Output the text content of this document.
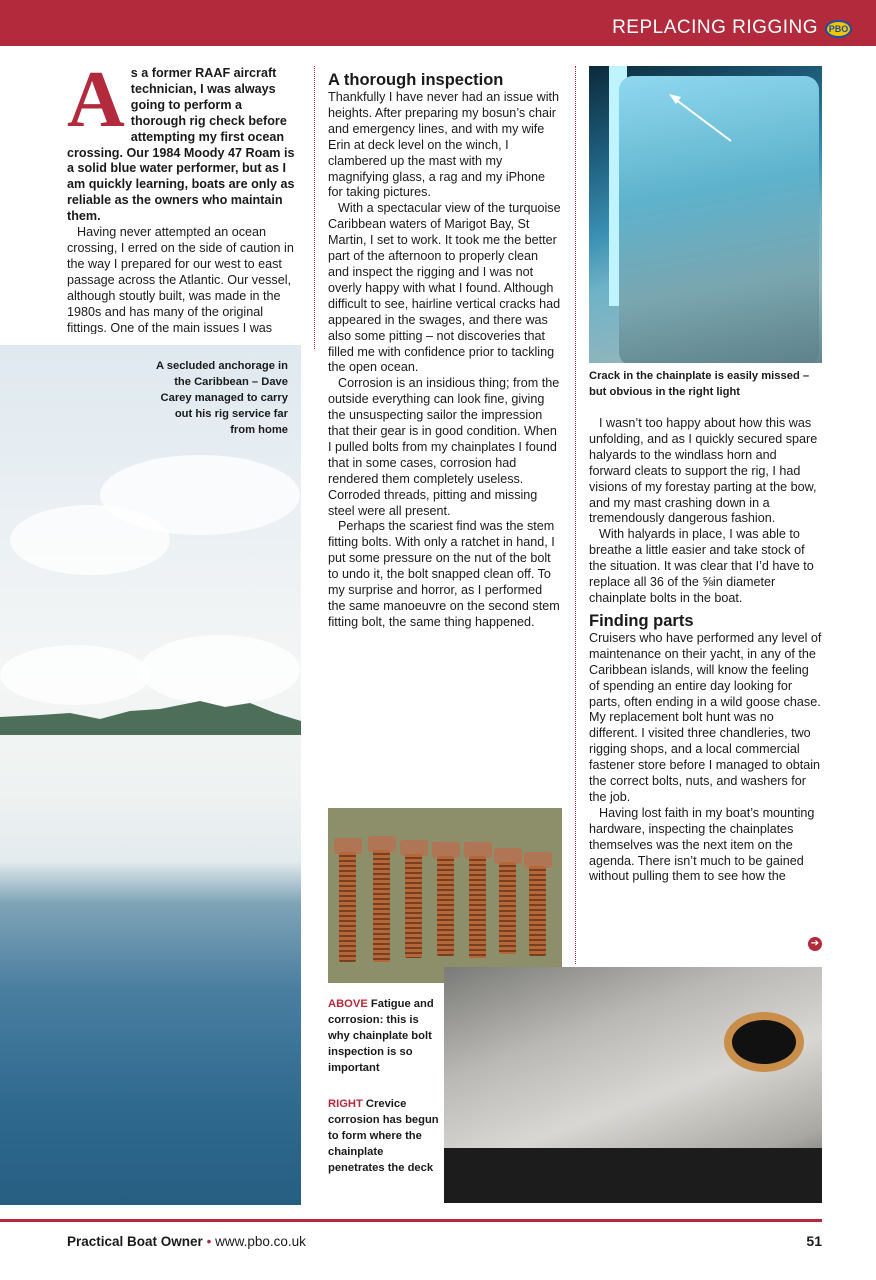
REPLACING RIGGING	PBO
A secluded anchorage in the Caribbean – Dave Carey managed to carry out his rig service far from home
As a former RAAF aircraft technician, I was always going to perform a thorough rig check before attempting my first ocean crossing. Our 1984 Moody 47 Roam is a solid blue water performer, but as I am quickly learning, boats are only as reliable as the owners who maintain them.

Having never attempted an ocean crossing, I erred on the side of caution in the way I prepared for our west to east passage across the Atlantic. Our vessel, although stoutly built, was made in the 1980s and has many of the original fittings. One of the main issues I was

A thorough inspection

Thankfully I have never had an issue with heights. After preparing my bosun’s chair and emergency lines, and with my wife Erin at deck level on the winch, I clambered up the mast with my magnifying glass, a rag and my iPhone for taking pictures.

With a spectacular view of the turquoise Caribbean waters of Marigot Bay, St Martin, I set to work. It took me the better part of the afternoon to properly clean and inspect the rigging and I was not overly happy with what I found. Although difficult to see, hairline vertical cracks had appeared in the swages, and there was also some pitting – not discoveries that filled me with confidence prior to tackling the open ocean.

Corrosion is an insidious thing; from the outside everything can look fine, giving the unsuspecting sailor the impression that their gear is in good condition. When I pulled bolts from my chainplates I found that in some cases, corrosion had rendered them completely useless. Corroded threads, pitting and missing steel were all present.

Perhaps the scariest find was the stem fitting bolts. With only a ratchet in hand, I put some pressure on the nut of the bolt to undo it, the bolt snapped clean off. To my surprise and horror, as I performed the same manoeuvre on the second stem fitting bolt, the same thing happened.

Crack in the chainplate is easily missed – but obvious in the right light
ABOVE Fatigue and corrosion: this is why chainplate bolt inspection is so important
RIGHT Crevice corrosion has begun to form where the chainplate penetrates the deck

I wasn’t too happy about how this was unfolding, and as I quickly secured spare halyards to the windlass horn and forward cleats to support the rig, I had visions of my forestay parting at the bow, and my mast crashing down in a tremendously dangerous fashion.

With halyards in place, I was able to breathe a little easier and take stock of the situation. It was clear that I’d have to replace all 36 of the ⅝in diameter chainplate bolts in the boat.

Finding parts

Cruisers who have performed any level of maintenance on their yacht, in any of the Caribbean islands, will know the feeling of spending an entire day looking for parts, often ending in a wild goose chase. My replacement bolt hunt was no different. I visited three chandleries, two rigging shops, and a local commercial fastener store before I managed to obtain the correct bolts, nuts, and washers for the job.

Having lost faith in my boat’s mounting hardware, inspecting the chainplates themselves was the next item on the agenda. There isn’t much to be gained without pulling them to see how the

➔
Practical Boat Owner • www.pbo.co.uk	51
